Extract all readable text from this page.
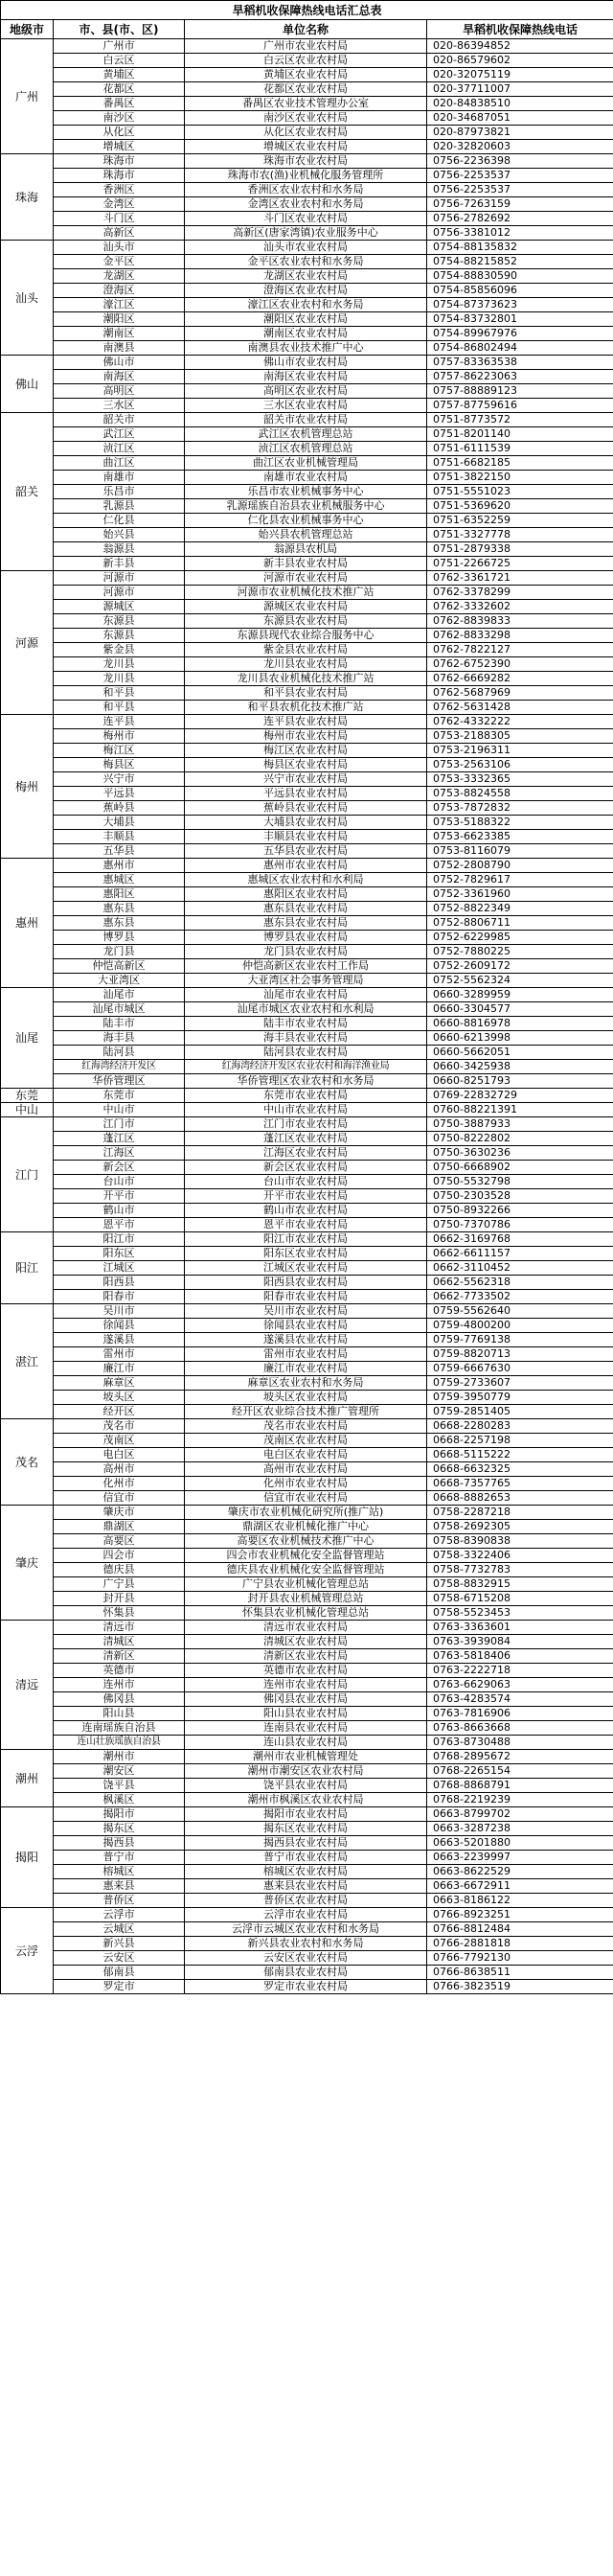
旱稻机收保障热线电话汇总表			
地级市	市、县(市、区)	单位名称	旱稻机收保障热线电话
广州	广州市	广州市农业农村局	020-86394852
	白云区	白云区农业农村局	020-86579602
	黄埔区	黄埔区农业农村局	020-32075119
	花都区	花都区农业农村局	020-37711007
	番禺区	番禺区农业技术管理办公室	020-84838510
	南沙区	南沙区农业农村局	020-34687051
	从化区	从化区农业农村局	020-87973821
	增城区	增城区农业农村局	020-32820603
珠海	珠海市	珠海市农业农村局	0756-2236398
	珠海市	珠海市农(渔)业机械化服务管理所	0756-2253537
	香洲区	香洲区农业农村和水务局	0756-2253537
	金湾区	金湾区农业农村和水务局	0756-7263159
	斗门区	斗门区农业农村局	0756-2782692
	高新区	高新区(唐家湾镇)农业服务中心	0756-3381012
汕头	汕头市	汕头市农业农村局	0754-88135832
	金平区	金平区农业农村和水务局	0754-88215852
	龙湖区	龙湖区农业农村局	0754-88830590
	澄海区	澄海区农业农村局	0754-85856096
	濠江区	濠江区农业农村和水务局	0754-87373623
	潮阳区	潮阳区农业农村局	0754-83732801
	潮南区	潮南区农业农村局	0754-89967976
	南澳县	南澳县农业技术推广中心	0754-86802494
佛山	佛山市	佛山市农业农村局	0757-83363538
	南海区	南海区农业农村局	0757-86223063
	高明区	高明区农业农村局	0757-88889123
	三水区	三水区农业农村局	0757-87759616
韶关	韶关市	韶关市农业农村局	0751-8773572
	武江区	武江区农机管理总站	0751-8201140
	浈江区	浈江区农机管理总站	0751-6111539
	曲江区	曲江区农业机械管理局	0751-6682185
	南雄市	南雄市农业农村局	0751-3822150
	乐昌市	乐昌市农业机械事务中心	0751-5551023
	乳源县	乳源瑶族自治县农业机械服务中心	0751-5369620
	仁化县	仁化县农业机械事务中心	0751-6352259
	始兴县	始兴县农机管理总站	0751-3327778
	翁源县	翁源县农机局	0751-2879338
	新丰县	新丰县农业农村局	0751-2266725
河源	河源市	河源市农业农村局	0762-3361721
	河源市	河源市农业机械化技术推广站	0762-3378299
	源城区	源城区农业农村局	0762-3332602
	东源县	东源县农业农村局	0762-8839833
	东源县	东源县现代农业综合服务中心	0762-8833298
	紫金县	紫金县农业农村局	0762-7822127
	龙川县	龙川县农业农村局	0762-6752390
	龙川县	龙川县农业机械化技术推广站	0762-6669282
	和平县	和平县农业农村局	0762-5687969
	和平县	和平县农机化技术推广站	0762-5631428
梅州	连平县	连平县农业农村局	0762-4332222
	梅州市	梅州市农业农村局	0753-2188305
	梅江区	梅江区农业农村局	0753-2196311
	梅县区	梅县区农业农村局	0753-2563106
	兴宁市	兴宁市农业农村局	0753-3332365
	平远县	平远县农业农村局	0753-8824558
	蕉岭县	蕉岭县农业农村局	0753-7872832
	大埔县	大埔县农业农村局	0753-5188322
	丰顺县	丰顺县农业农村局	0753-6623385
	五华县	五华县农业农村局	0753-8116079
惠州	惠州市	惠州市农业农村局	0752-2808790
	惠城区	惠城区农业农村和水利局	0752-7829617
	惠阳区	惠阳区农业农村局	0752-3361960
	惠东县	惠东县农业农村局	0752-8822349
	惠东县	惠东县农业农村局	0752-8806711
	博罗县	博罗县农业农村局	0752-6229985
	龙门县	龙门县农业农村局	0752-7880225
	仲恺高新区	仲恺高新区农业农村工作局	0752-2609172
	大亚湾区	大亚湾区社会事务管理局	0752-5562324
汕尾	汕尾市	汕尾市农业农村局	0660-3289959
	汕尾市城区	汕尾市城区农业农村和水利局	0660-3304577
	陆丰市	陆丰市农业农村局	0660-8816978
	海丰县	海丰县农业农村局	0660-6213998
	陆河县	陆河县农业农村局	0660-5662051
	红海湾经济开发区	红海湾经济开发区农业农村和海洋渔业局	0660-3425938
	华侨管理区	华侨管理区农业农村和水务局	0660-8251793
东莞	东莞市	东莞市农业农村局	0769-22832729
中山	中山市	中山市农业农村局	0760-88221391
江门	江门市	江门市农业农村局	0750-3887933
	蓬江区	蓬江区农业农村局	0750-8222802
	江海区	江海区农业农村局	0750-3630236
	新会区	新会区农业农村局	0750-6668902
	台山市	台山市农业农村局	0750-5532798
	开平市	开平市农业农村局	0750-2303528
	鹤山市	鹤山市农业农村局	0750-8932266
	恩平市	恩平市农业农村局	0750-7370786
阳江	阳江市	阳江市农业农村局	0662-3169768
	阳东区	阳东区农业农村局	0662-6611157
	江城区	江城区农业农村局	0662-3110452
	阳西县	阳西县农业农村局	0662-5562318
	阳春市	阳春市农业农村局	0662-7733502
湛江	吴川市	吴川市农业农村局	0759-5562640
	徐闻县	徐闻县农业农村局	0759-4800200
	遂溪县	遂溪县农业农村局	0759-7769138
	雷州市	雷州市农业农村局	0759-8820713
	廉江市	廉江市农业农村局	0759-6667630
	麻章区	麻章区农业农村和水务局	0759-2733607
	坡头区	坡头区农业农村局	0759-3950779
	经开区	经开区农业综合技术推广管理所	0759-2851405
茂名	茂名市	茂名市农业农村局	0668-2280283
	茂南区	茂南区农业农村局	0668-2257198
	电白区	电白区农业农村局	0668-5115222
	高州市	高州市农业农村局	0668-6632325
	化州市	化州市农业农村局	0668-7357765
	信宜市	信宜市农业农村局	0668-8882653
肇庆	肇庆市	肇庆市农业机械化研究所(推广站)	0758-2287218
	鼎湖区	鼎湖区农业机械化推广中心	0758-2692305
	高要区	高要区农业机械技术推广中心	0758-8390838
	四会市	四会市农业机械化安全监督管理站	0758-3322406
	德庆县	德庆县农业机械化安全监督管理站	0758-7732783
	广宁县	广宁县农业机械化管理总站	0758-8832915
	封开县	封开县农业机械管理总站	0758-6715208
	怀集县	怀集县农业机械化管理总站	0758-5523453
清远	清远市	清远市农业农村局	0763-3363601
	清城区	清城区农业农村局	0763-3939084
	清新区	清新区农业农村局	0763-5818406
	英德市	英德市农业农村局	0763-2222718
	连州市	连州市农业农村局	0763-6629063
	佛冈县	佛冈县农业农村局	0763-4283574
	阳山县	阳山县农业农村局	0763-7816906
	连南瑶族自治县	连南县农业农村局	0763-8663668
	连山壮族瑶族自治县	连山县农业农村局	0763-8730488
潮州	潮州市	潮州市农业机械管理处	0768-2895672
	潮安区	潮州市潮安区农业农村局	0768-2265154
	饶平县	饶平县农业农村局	0768-8868791
	枫溪区	潮州市枫溪区农业农村局	0768-2219239
揭阳	揭阳市	揭阳市农业农村局	0663-8799702
	揭东区	揭东区农业农村局	0663-3287238
	揭西县	揭西县农业农村局	0663-5201880
	普宁市	普宁市农业农村局	0663-2239997
	榕城区	榕城区农业农村局	0663-8622529
	惠来县	惠来县农业农村局	0663-6672911
	普侨区	普侨区农业农村局	0663-8186122
云浮	云浮市	云浮市农业农村局	0766-8923251
	云城区	云浮市云城区农业农村和水务局	0766-8812484
	新兴县	新兴县农业农村和水务局	0766-2881818
	云安区	云安区农业农村局	0766-7792130
	郁南县	郁南县农业农村局	0766-8638511
	罗定市	罗定市农业农村局	0766-3823519
